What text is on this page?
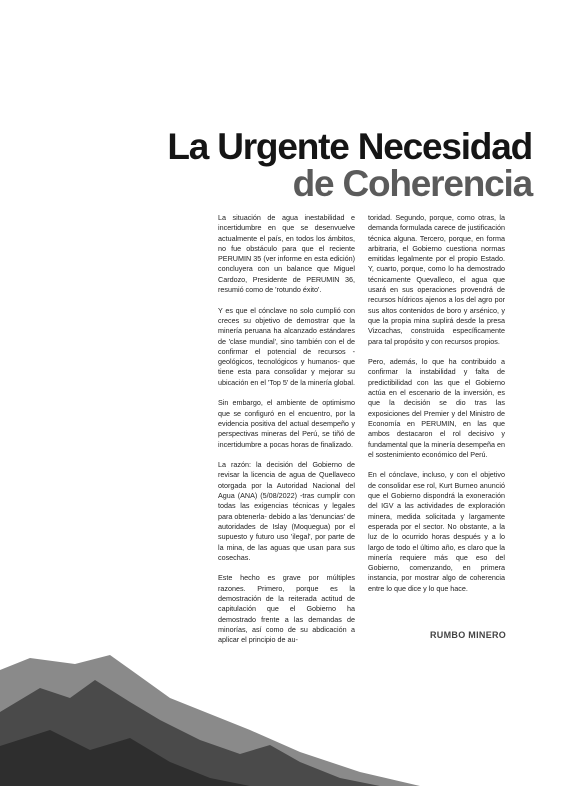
La Urgente Necesidad
de Coherencia

La situación de agua inestabilidad e incertidumbre en que se desenvuelve actualmente el país, en todos los ámbitos, no fue obstáculo para que el reciente PERUMIN 35 (ver informe en esta edición) concluyera con un balance que Miguel Cardozo, Presidente de PERUMIN 36, resumió como de 'rotundo éxito'.

Y es que el cónclave no solo cumplió con creces su objetivo de demostrar que la minería peruana ha alcanzado estándares de 'clase mundial', sino también con el de confirmar el potencial de recursos -geológicos, tecnológicos y humanos- que tiene esta para consolidar y mejorar su ubicación en el 'Top 5' de la minería global.

Sin embargo, el ambiente de optimismo que se configuró en el encuentro, por la evidencia positiva del actual desempeño y perspectivas mineras del Perú, se tiñó de incertidumbre a pocas horas de finalizado.

La razón: la decisión del Gobierno de revisar la licencia de agua de Quellaveco otorgada por la Autoridad Nacional del Agua (ANA) (5/08/2022) -tras cumplir con todas las exigencias técnicas y legales para obtenerla- debido a las 'denuncias' de autoridades de Islay (Moquegua) por el supuesto y futuro uso 'ilegal', por parte de la mina, de las aguas que usan para sus cosechas.

Este hecho es grave por múltiples razones. Primero, porque es la demostración de la reiterada actitud de capitulación que el Gobierno ha demostrado frente a las demandas de minorías, así como de su abdicación a aplicar el principio de au-

toridad. Segundo, porque, como otras, la demanda formulada carece de justificación técnica alguna. Tercero, porque, en forma arbitraria, el Gobierno cuestiona normas emitidas legalmente por el propio Estado. Y, cuarto, porque, como lo ha demostrado técnicamente Quevalleco, el agua que usará en sus operaciones provendrá de recursos hídricos ajenos a los del agro por sus altos contenidos de boro y arsénico, y que la propia mina suplirá desde la presa Vizcachas, construida específicamente para tal propósito y con recursos propios.

Pero, además, lo que ha contribuido a confirmar la instabilidad y falta de predictibilidad con las que el Gobierno actúa en el escenario de la inversión, es que la decisión se dio tras las exposiciones del Premier y del Ministro de Economía en PERUMIN, en las que ambos destacaron el rol decisivo y fundamental que la minería desempeña en el sostenimiento económico del Perú.

En el cónclave, incluso, y con el objetivo de consolidar ese rol, Kurt Burneo anunció que el Gobierno dispondrá la exoneración del IGV a las actividades de exploración minera, medida solicitada y largamente esperada por el sector. No obstante, a la luz de lo ocurrido horas después y a lo largo de todo el último año, es claro que la minería requiere más que eso del Gobierno, comenzando, en primera instancia, por mostrar algo de coherencia entre lo que dice y lo que hace.

RUMBO MINERO
